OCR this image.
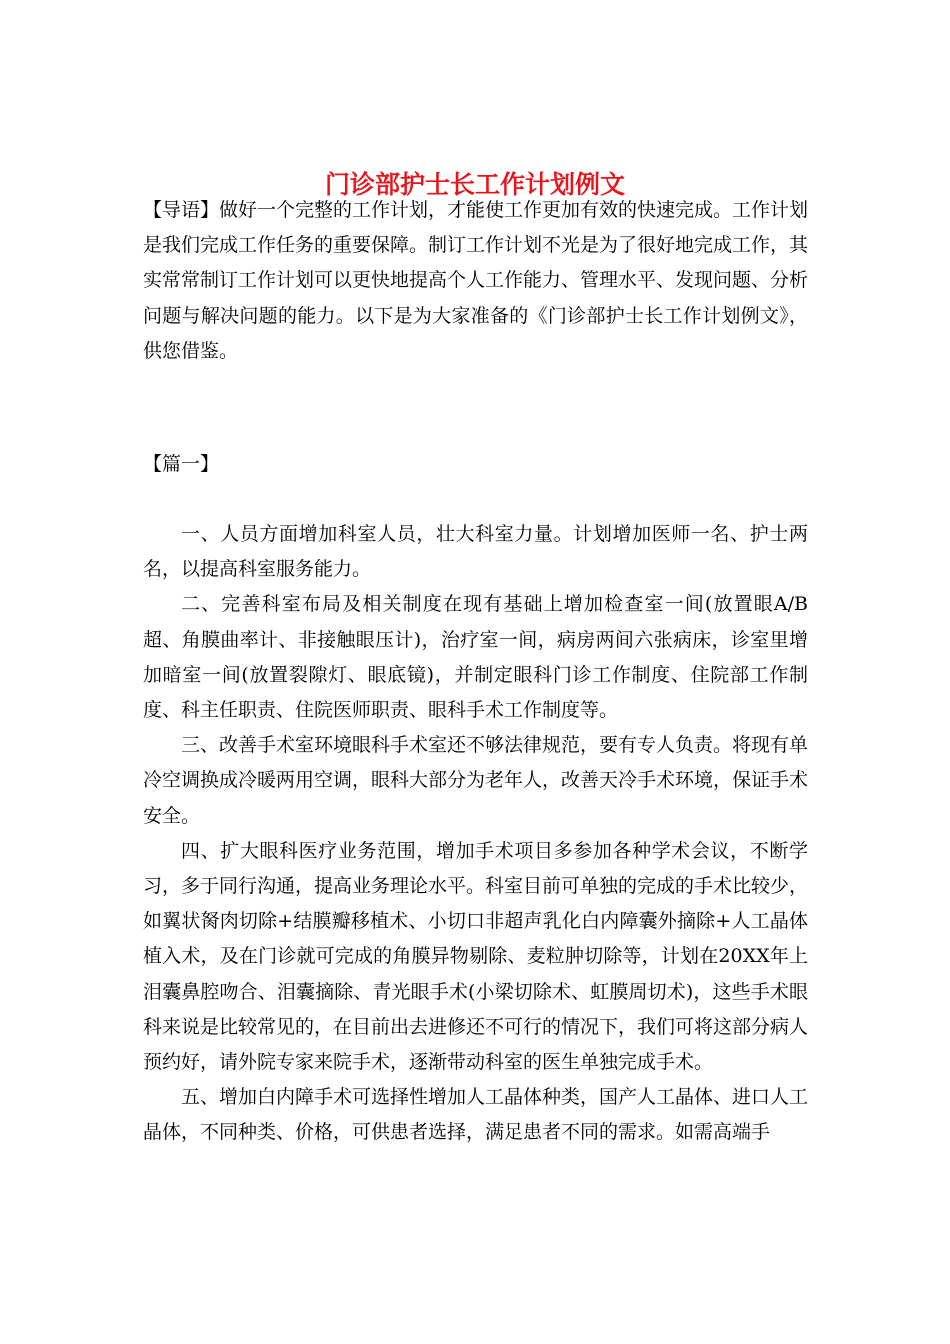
门诊部护士长工作计划例文

【导语】做好一个完整的工作计划，才能使工作更加有效的快速完成。工作计划是我们完成工作任务的重要保障。制订工作计划不光是为了很好地完成工作，其实常常制订工作计划可以更快地提高个人工作能力、管理水平、发现问题、分析问题与解决问题的能力。以下是为大家准备的《门诊部护士长工作计划例文》，供您借鉴。

【篇一】

一、人员方面增加科室人员，壮大科室力量。计划增加医师一名、护士两名，以提高科室服务能力。

二、完善科室布局及相关制度在现有基础上增加检查室一间(放置眼A/B超、角膜曲率计、非接触眼压计)，治疗室一间，病房两间六张病床，诊室里增加暗室一间(放置裂隙灯、眼底镜)，并制定眼科门诊工作制度、住院部工作制度、科主任职责、住院医师职责、眼科手术工作制度等。

三、改善手术室环境眼科手术室还不够法律规范，要有专人负责。将现有单冷空调换成冷暖两用空调，眼科大部分为老年人，改善天冷手术环境，保证手术安全。

四、扩大眼科医疗业务范围，增加手术项目多参加各种学术会议，不断学习，多于同行沟通，提高业务理论水平。科室目前可单独的完成的手术比较少，如翼状胬肉切除+结膜瓣移植术、小切口非超声乳化白内障囊外摘除+人工晶体植入术，及在门诊就可完成的角膜异物剔除、麦粒肿切除等，计划在20XX年上泪囊鼻腔吻合、泪囊摘除、青光眼手术(小梁切除术、虹膜周切术)，这些手术眼科来说是比较常见的，在目前出去进修还不可行的情况下，我们可将这部分病人预约好，请外院专家来院手术，逐渐带动科室的医生单独完成手术。

五、增加白内障手术可选择性增加人工晶体种类，国产人工晶体、进口人工晶体，不同种类、价格，可供患者选择，满足患者不同的需求。如需高端手
